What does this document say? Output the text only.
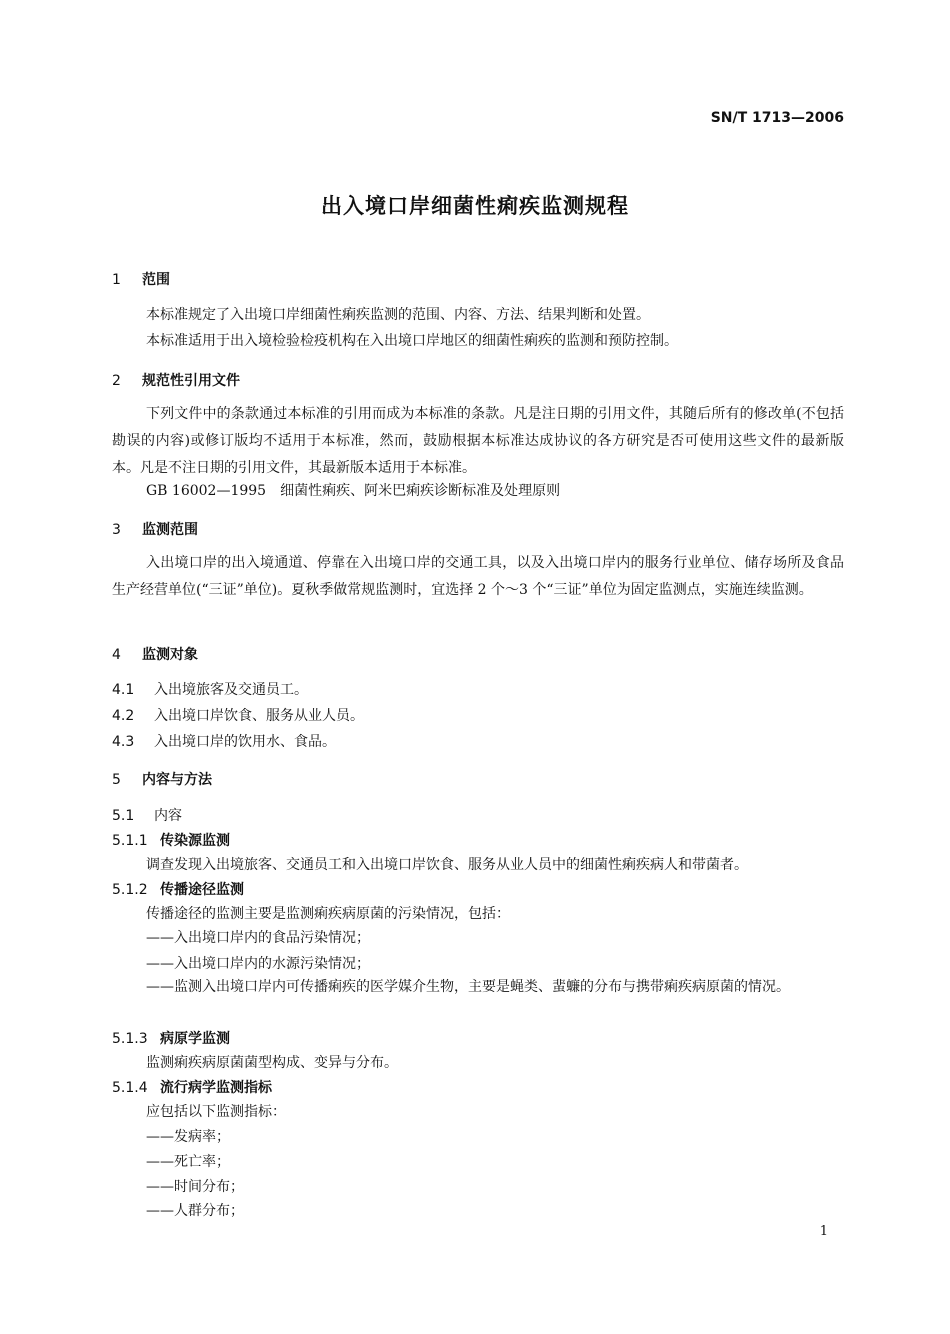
SN/T 1713—2006
出入境口岸细菌性痢疾监测规程
1 范围
本标准规定了入出境口岸细菌性痢疾监测的范围、内容、方法、结果判断和处置。
本标准适用于出入境检验检疫机构在入出境口岸地区的细菌性痢疾的监测和预防控制。
2 规范性引用文件
下列文件中的条款通过本标准的引用而成为本标准的条款。凡是注日期的引用文件，其随后所有的修改单(不包括勘误的内容)或修订版均不适用于本标准，然而，鼓励根据本标准达成协议的各方研究是否可使用这些文件的最新版本。凡是不注日期的引用文件，其最新版本适用于本标准。
GB 16002—1995　细菌性痢疾、阿米巴痢疾诊断标准及处理原则
3 监测范围
入出境口岸的出入境通道、停靠在入出境口岸的交通工具，以及入出境口岸内的服务行业单位、储存场所及食品生产经营单位(“三证”单位)。夏秋季做常规监测时，宜选择 2 个～3 个“三证”单位为固定监测点，实施连续监测。
4 监测对象
4.1 入出境旅客及交通员工。
4.2 入出境口岸饮食、服务从业人员。
4.3 入出境口岸的饮用水、食品。
5 内容与方法
5.1 内容
5.1.1 传染源监测
调查发现入出境旅客、交通员工和入出境口岸饮食、服务从业人员中的细菌性痢疾病人和带菌者。
5.1.2 传播途径监测
传播途径的监测主要是监测痢疾病原菌的污染情况，包括：
——入出境口岸内的食品污染情况；
——入出境口岸内的水源污染情况；
——监测入出境口岸内可传播痢疾的医学媒介生物，主要是蝇类、蜚蠊的分布与携带痢疾病原菌的情况。
5.1.3 病原学监测
监测痢疾病原菌菌型构成、变异与分布。
5.1.4 流行病学监测指标
应包括以下监测指标：
——发病率；
——死亡率；
——时间分布；
——人群分布；
1
